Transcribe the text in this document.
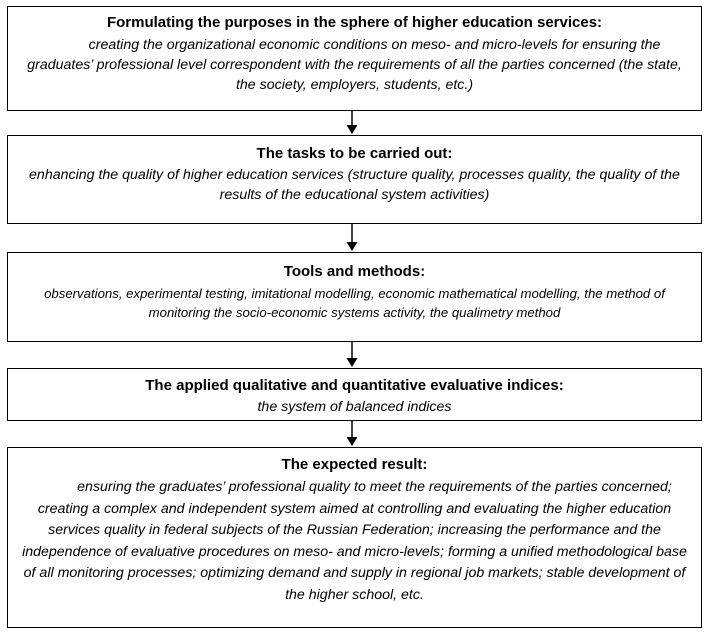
Formulating the purposes in the sphere of higher education services:

creating the organizational economic conditions on meso- and micro-levels for ensuring the graduates’ professional level correspondent with the requirements of all the parties concerned (the state, the society, employers, students, etc.)

The tasks to be carried out:

enhancing the quality of higher education services (structure quality, processes quality, the quality of the results of the educational system activities)

Tools and methods:

observations, experimental testing, imitational modelling, economic mathematical modelling, the method of monitoring the socio-economic systems activity, the qualimetry method

The applied qualitative and quantitative evaluative indices:

the system of balanced indices

The expected result:

ensuring the graduates’ professional quality to meet the requirements of the parties concerned; creating a complex and independent system aimed at controlling and evaluating the higher education services quality in federal subjects of the Russian Federation; increasing the performance and the independence of evaluative procedures on meso- and micro-levels; forming a unified methodological base of all monitoring processes; optimizing demand and supply in regional job markets; stable development of the higher school, etc.
